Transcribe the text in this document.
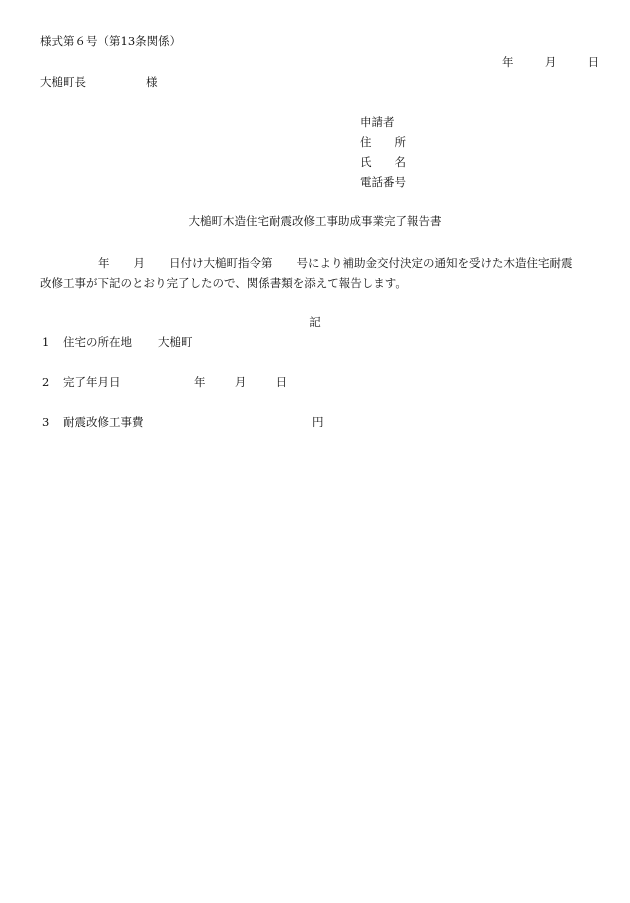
様式第６号（第13条関係）
年	月	日
大槌町長	様
申請者
住　　所
氏　　名
電話番号
大槌町木造住宅耐震改修工事助成事業完了報告書
年 月 日付け大槌町指令第 号により補助金交付決定の通知を受けた木造住宅耐震
改修工事が下記のとおり完了したので、関係書類を添えて報告します。
記
1 住宅の所在地 大槌町
2 完了年月日	年	月	日
3 耐震改修工事費	円
